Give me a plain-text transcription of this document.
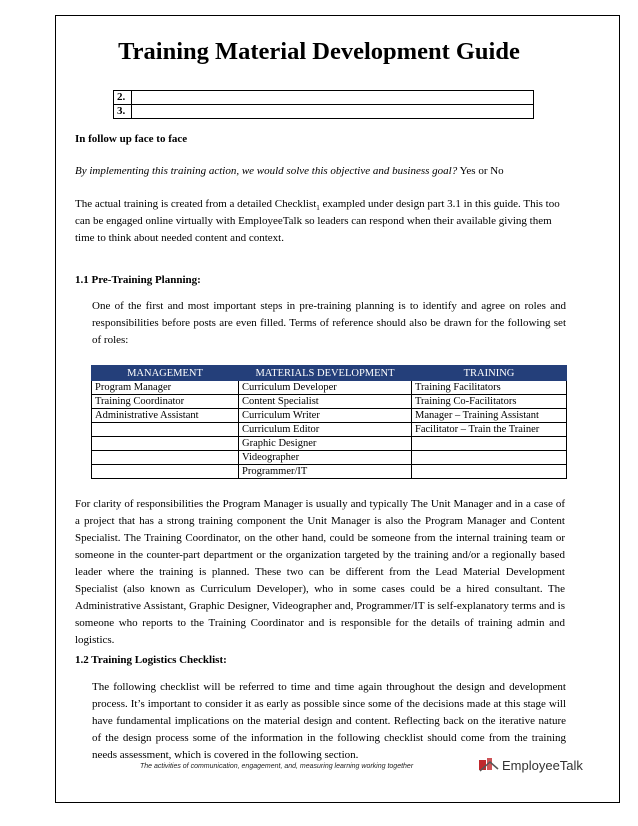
Training Material Development Guide
2.	
3.	

In follow up face to face

By implementing this training action, we would solve this objective and business goal? Yes or No

The actual training is created from a detailed Checklist$_1$ exampled under design part 3.1 in this guide. This too

can be engaged online virtually with EmployeeTalk so leaders can respond when their available giving them

time to think about needed content and context.

1.1 Pre-Training Planning:

One of the first and most important steps in pre-training planning is to identify and agree on roles and responsibilities before posts are even filled. Terms of reference should also be drawn for the following set of roles:

MANAGEMENT	MATERIALS DEVELOPMENT	TRAINING
Program Manager	Curriculum Developer	Training Facilitators
Training Coordinator	Content Specialist	Training Co-Facilitators
Administrative Assistant	Curriculum Writer	Manager – Training Assistant
	Curriculum Editor	Facilitator – Train the Trainer
	Graphic Designer	
	Videographer	
	Programmer/IT	

For clarity of responsibilities the Program Manager is usually and typically The Unit Manager and in a case of a project that has a strong training component the Unit Manager is also the Program Manager and Content Specialist. The Training Coordinator, on the other hand, could be someone from the internal training team or someone in the counter-part department or the organization targeted by the training and/or a regionally based leader where the training is planned. These two can be different from the Lead Material Development Specialist (also known as Curriculum Developer), who in some cases could be a hired consultant. The Administrative Assistant, Graphic Designer, Videographer and, Programmer/IT is self-explanatory terms and is someone who reports to the Training Coordinator and is responsible for the details of training admin and logistics.

1.2 Training Logistics Checklist:

The following checklist will be referred to time and time again throughout the design and development process. It’s important to consider it as early as possible since some of the decisions made at this stage will have fundamental implications on the material design and content. Reflecting back on the iterative nature of the design process some of the information in the following checklist should come from the training needs assessment, which is covered in the following section.

The activities of communication, engagement, and, measuring learning working together	EmployeeTalk
